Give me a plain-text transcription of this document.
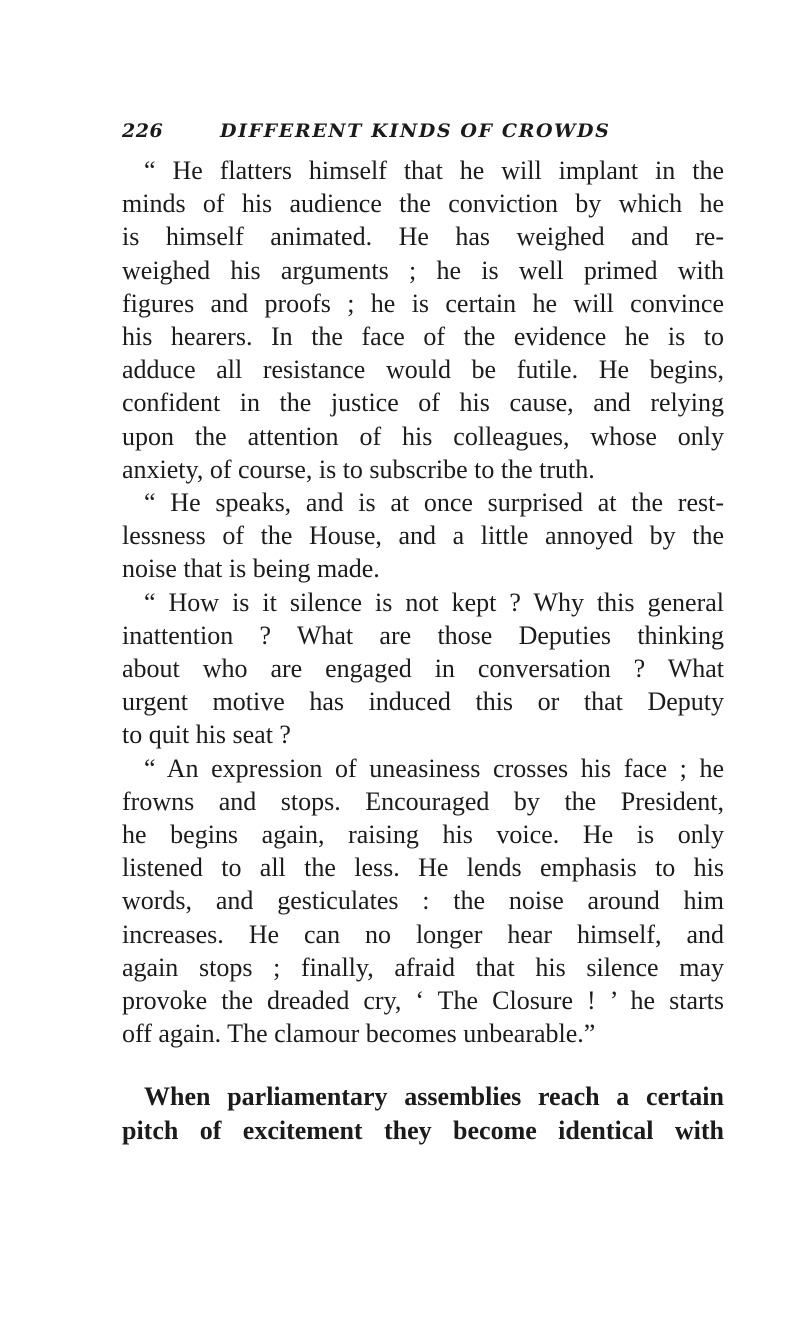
226	DIFFERENT KINDS OF CROWDS
“ He flatters himself that he will implant in the
minds of his audience the conviction by which he
is himself animated. He has weighed and re-
weighed his arguments ; he is well primed with
figures and proofs ; he is certain he will convince
his hearers. In the face of the evidence he is to
adduce all resistance would be futile. He begins,
confident in the justice of his cause, and relying
upon the attention of his colleagues, whose only
anxiety, of course, is to subscribe to the truth.
“ He speaks, and is at once surprised at the rest-
lessness of the House, and a little annoyed by the
noise that is being made.
“ How is it silence is not kept ? Why this general
inattention ? What are those Deputies thinking
about who are engaged in conversation ? What
urgent motive has induced this or that Deputy
to quit his seat ?
“ An expression of uneasiness crosses his face ; he
frowns and stops. Encouraged by the President,
he begins again, raising his voice. He is only
listened to all the less. He lends emphasis to his
words, and gesticulates : the noise around him
increases. He can no longer hear himself, and
again stops ; finally, afraid that his silence may
provoke the dreaded cry, ‘ The Closure ! ’ he starts
off again. The clamour becomes unbearable.”
When parliamentary assemblies reach a certain
pitch of excitement they become identical with
